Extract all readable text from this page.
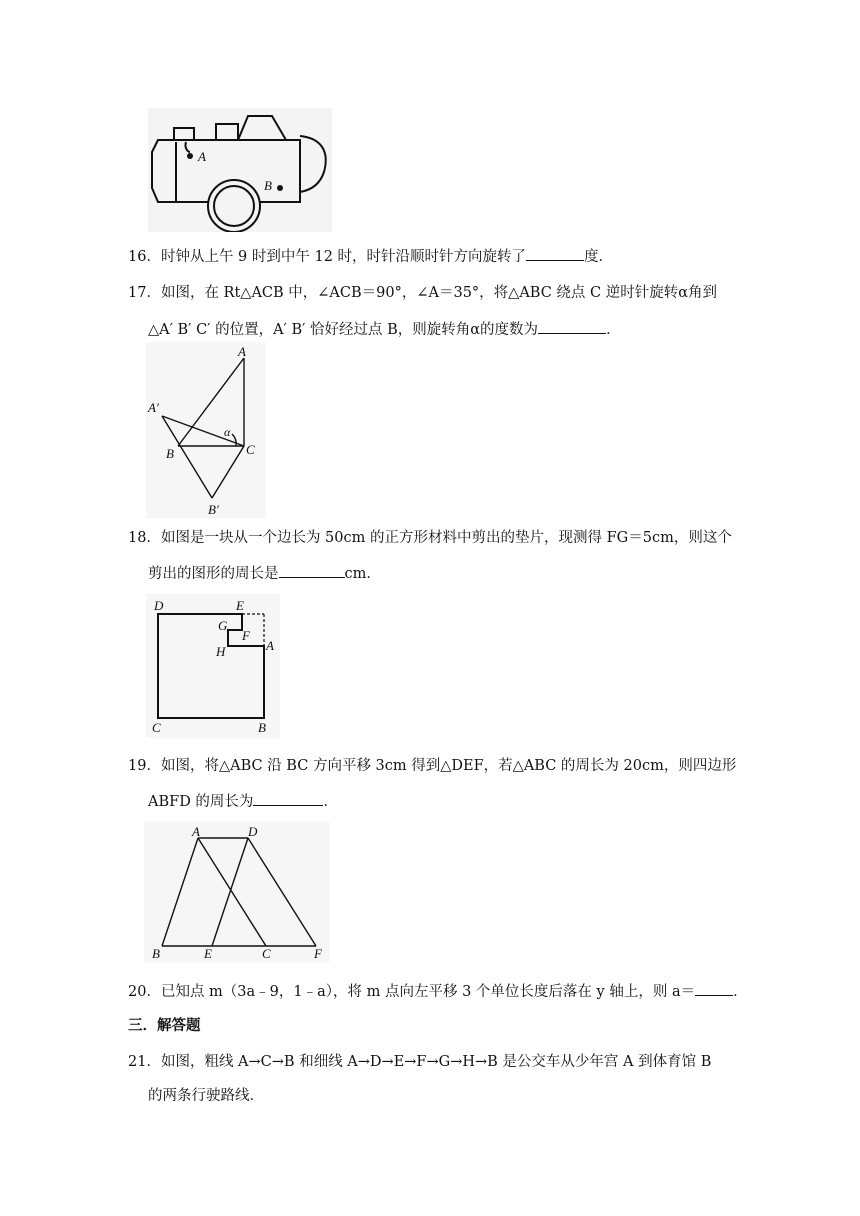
A
B
16．时钟从上午 9 时到中午 12 时，时针沿顺时针方向旋转了	度．
17．如图，在 Rt△ACB 中，∠ACB＝90°，∠A＝35°，将△ABC 绕点 C 逆时针旋转α角到
△A′ B′ C′ 的位置，A′ B′ 恰好经过点 B，则旋转角α的度数为	．
A
A′
α
B	C
B′
18．如图是一块从一个边长为 50cm 的正方形材料中剪出的垫片，现测得 FG＝5cm，则这个
剪出的图形的周长是	cm．
D	E
G
F
A
H
C	B
19．如图，将△ABC 沿 BC 方向平移 3cm 得到△DEF，若△ABC 的周长为 20cm，则四边形
ABFD 的周长为	．
A	D
B	E	C	F
20．已知点 m（3a﹣9，1﹣a），将 m 点向左平移 3 个单位长度后落在 y 轴上，则 a＝	．
三．解答题
21．如图，粗线 A→C→B 和细线 A→D→E→F→G→H→B 是公交车从少年宫 A 到体育馆 B
的两条行驶路线．
